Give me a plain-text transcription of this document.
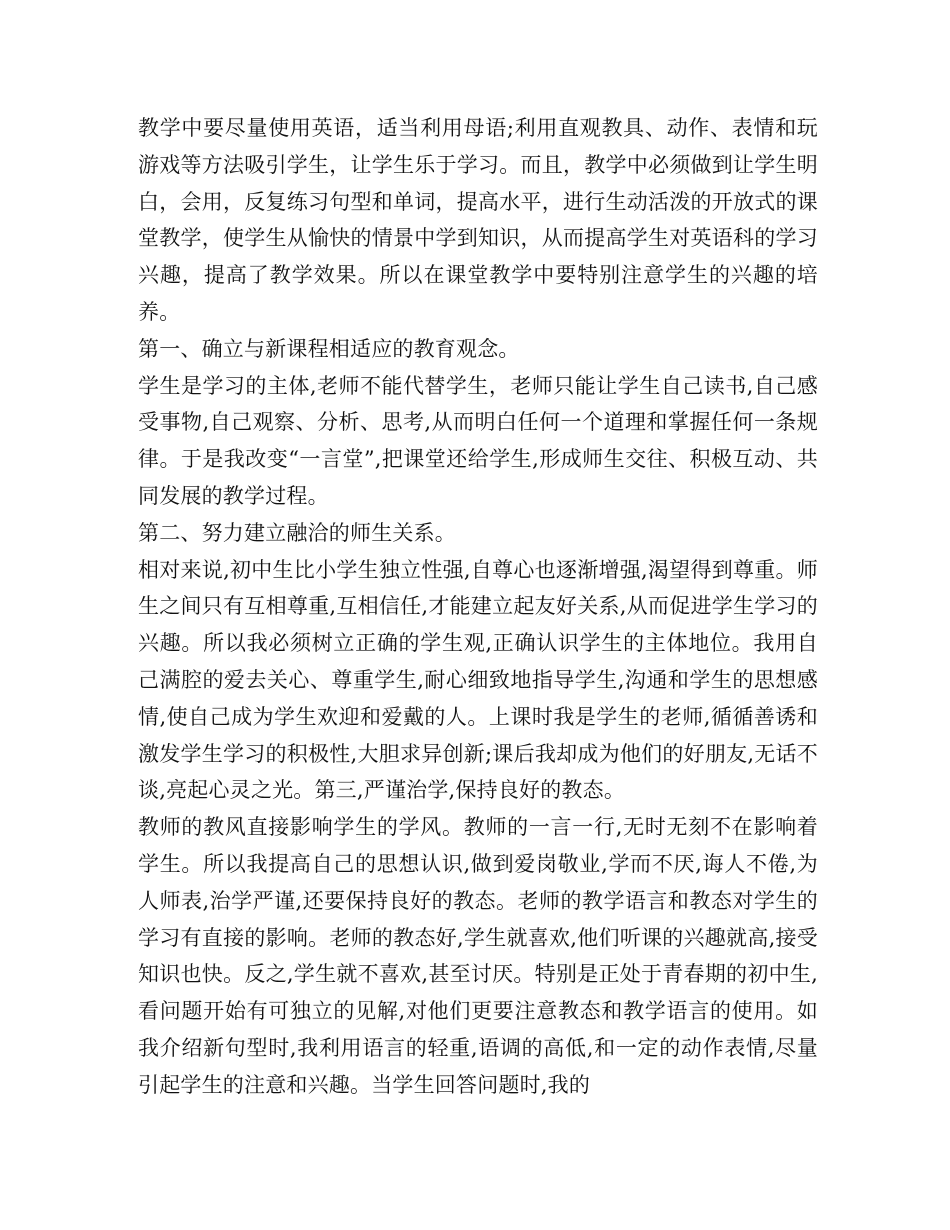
教学中要尽量使用英语，适当利用母语;利用直观教具、动作、表情和玩游戏等方法吸引学生，让学生乐于学习。而且，教学中必须做到让学生明白，会用，反复练习句型和单词，提高水平，进行生动活泼的开放式的课堂教学，使学生从愉快的情景中学到知识，从而提高学生对英语科的学习兴趣，提高了教学效果。所以在课堂教学中要特别注意学生的兴趣的培养。

第一、确立与新课程相适应的教育观念。

学生是学习的主体,老师不能代替学生，老师只能让学生自己读书,自己感受事物,自己观察、分析、思考,从而明白任何一个道理和掌握任何一条规律。于是我改变“一言堂”,把课堂还给学生,形成师生交往、积极互动、共同发展的教学过程。

第二、努力建立融洽的师生关系。

相对来说,初中生比小学生独立性强,自尊心也逐渐增强,渴望得到尊重。师生之间只有互相尊重,互相信任,才能建立起友好关系,从而促进学生学习的兴趣。所以我必须树立正确的学生观,正确认识学生的主体地位。我用自己满腔的爱去关心、尊重学生,耐心细致地指导学生,沟通和学生的思想感情,使自己成为学生欢迎和爱戴的人。上课时我是学生的老师,循循善诱和激发学生学习的积极性,大胆求异创新;课后我却成为他们的好朋友,无话不谈,亮起心灵之光。第三,严谨治学,保持良好的教态。

教师的教风直接影响学生的学风。教师的一言一行,无时无刻不在影响着学生。所以我提高自己的思想认识,做到爱岗敬业,学而不厌,诲人不倦,为人师表,治学严谨,还要保持良好的教态。老师的教学语言和教态对学生的学习有直接的影响。老师的教态好,学生就喜欢,他们听课的兴趣就高,接受知识也快。反之,学生就不喜欢,甚至讨厌。特别是正处于青春期的初中生,看问题开始有可独立的见解,对他们更要注意教态和教学语言的使用。如我介绍新句型时,我利用语言的轻重,语调的高低,和一定的动作表情,尽量引起学生的注意和兴趣。当学生回答问题时,我的
